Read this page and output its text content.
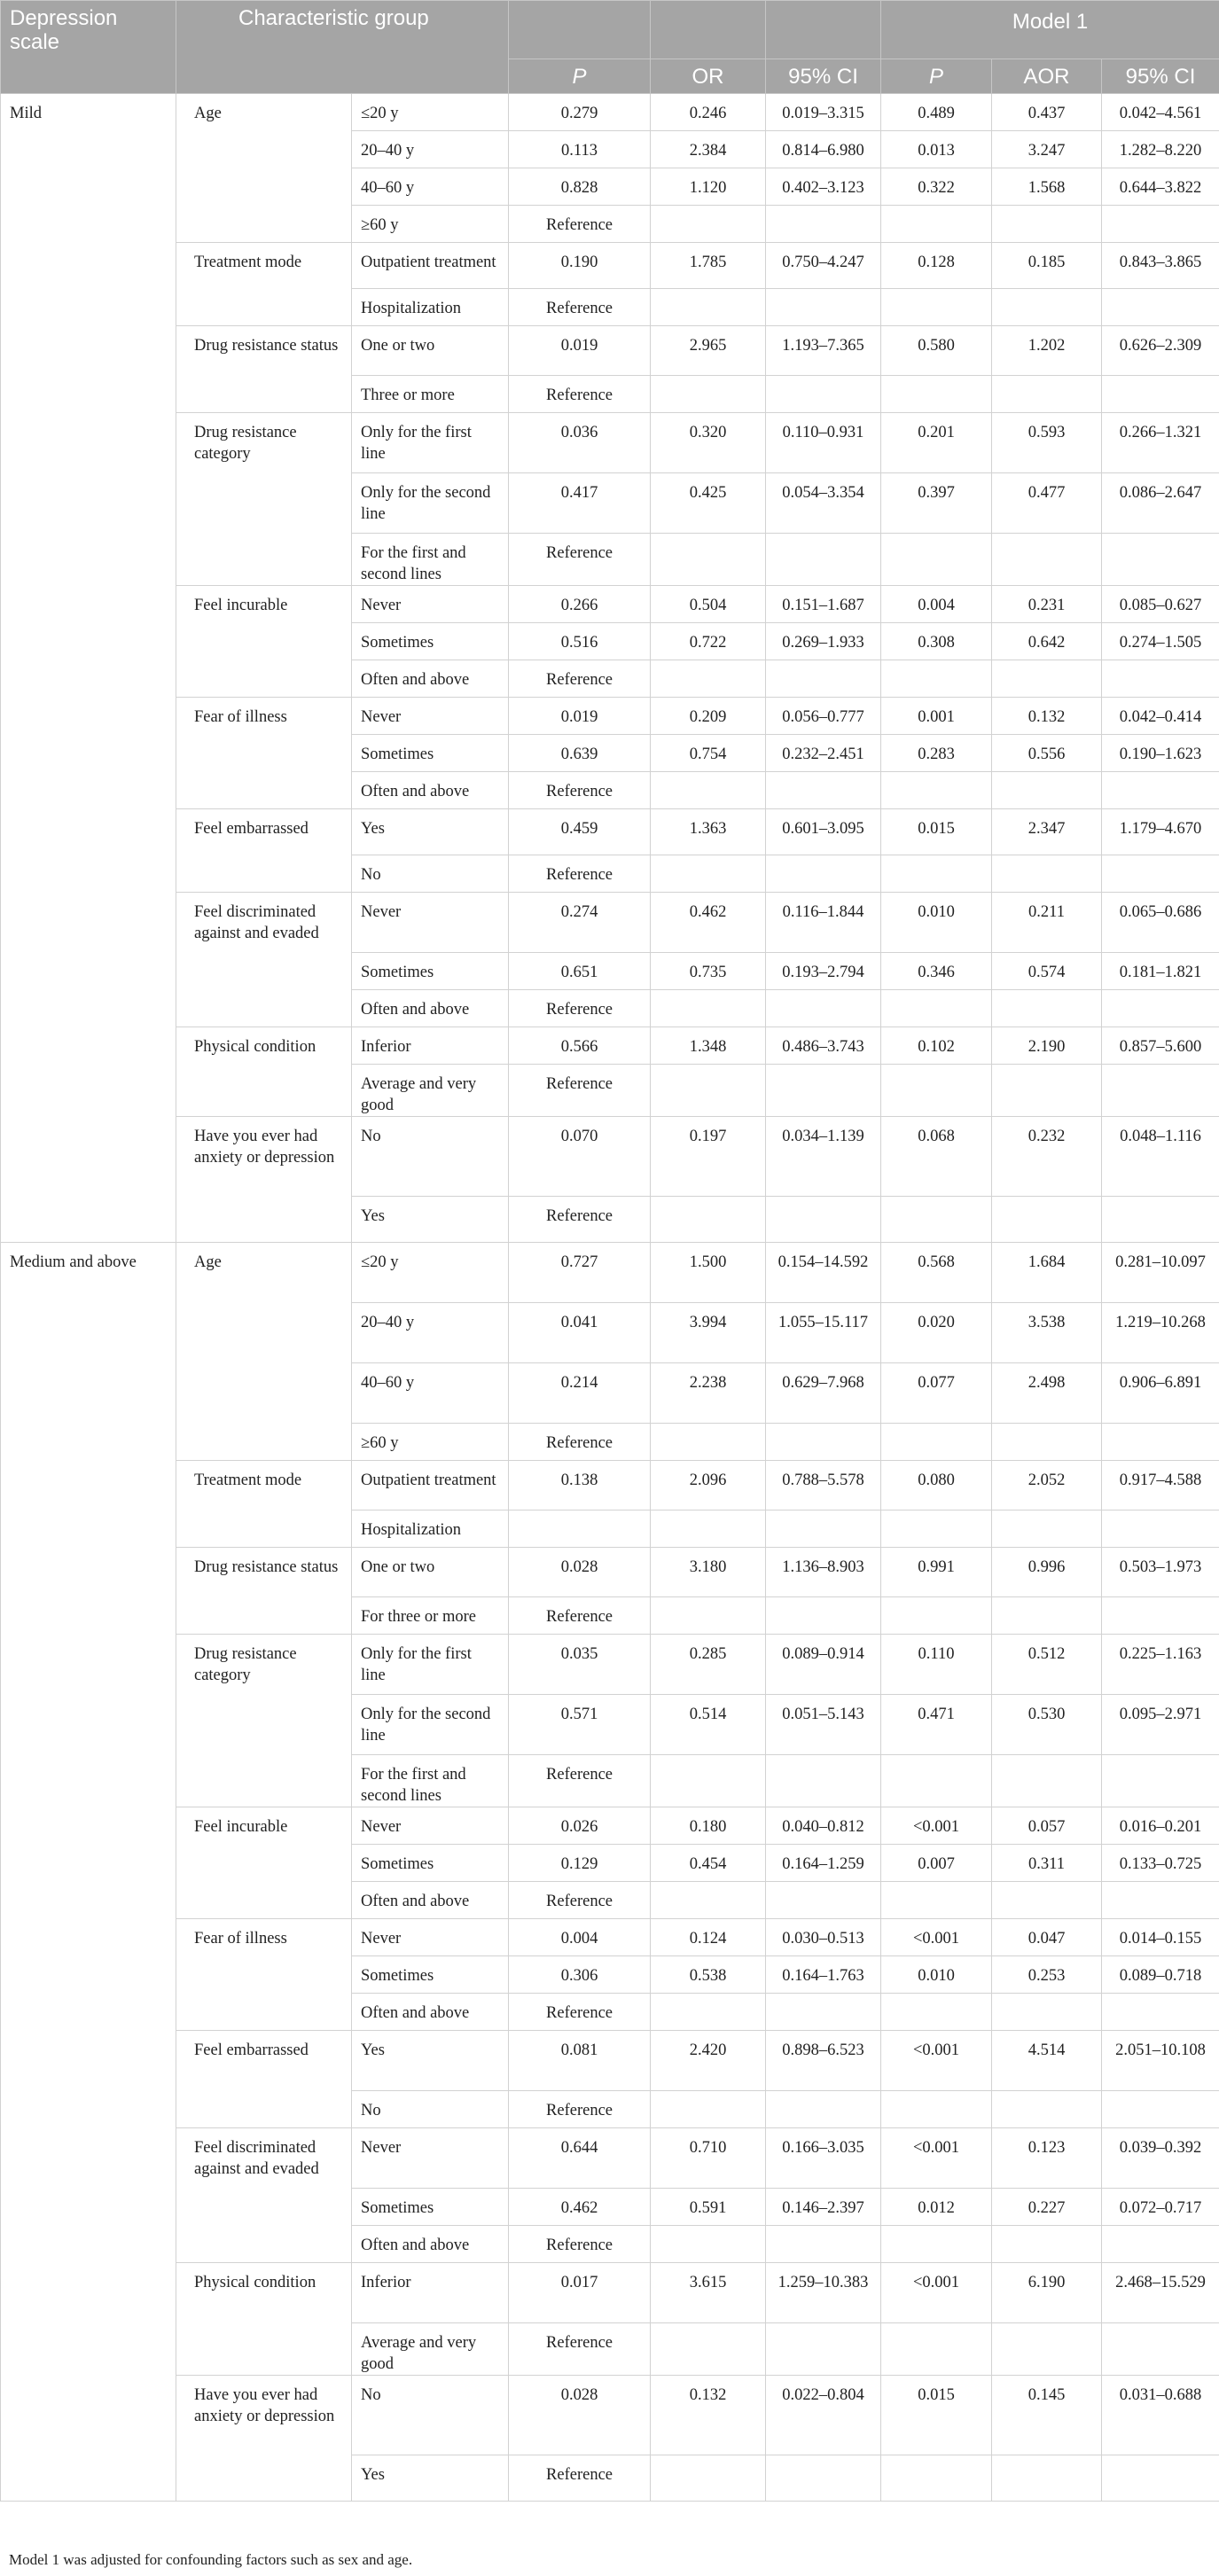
Depression scale	Characteristic group					Model 1		
			P	OR	95% CI	P	AOR	95% CI
Mild	Age	≤20 y	0.279	0.246	0.019–3.315	0.489	0.437	0.042–4.561
		20–40 y	0.113	2.384	0.814–6.980	0.013	3.247	1.282–8.220
		40–60 y	0.828	1.120	0.402–3.123	0.322	1.568	0.644–3.822
		≥60 y	Reference					
	Treatment mode	Outpatient treatment	0.190	1.785	0.750–4.247	0.128	0.185	0.843–3.865
		Hospitalization	Reference					
	Drug resistance status	One or two	0.019	2.965	1.193–7.365	0.580	1.202	0.626–2.309
		Three or more	Reference					
	Drug resistance category	Only for the first line	0.036	0.320	0.110–0.931	0.201	0.593	0.266–1.321
		Only for the second line	0.417	0.425	0.054–3.354	0.397	0.477	0.086–2.647
		For the first and second lines	Reference					
	Feel incurable	Never	0.266	0.504	0.151–1.687	0.004	0.231	0.085–0.627
		Sometimes	0.516	0.722	0.269–1.933	0.308	0.642	0.274–1.505
		Often and above	Reference					
	Fear of illness	Never	0.019	0.209	0.056–0.777	0.001	0.132	0.042–0.414
		Sometimes	0.639	0.754	0.232–2.451	0.283	0.556	0.190–1.623
		Often and above	Reference					
	Feel embarrassed	Yes	0.459	1.363	0.601–3.095	0.015	2.347	1.179–4.670
		No	Reference					
	Feel discriminated against and evaded	Never	0.274	0.462	0.116–1.844	0.010	0.211	0.065–0.686
		Sometimes	0.651	0.735	0.193–2.794	0.346	0.574	0.181–1.821
		Often and above	Reference					
	Physical condition	Inferior	0.566	1.348	0.486–3.743	0.102	2.190	0.857–5.600
		Average and very good	Reference					
	Have you ever had anxiety or depression	No	0.070	0.197	0.034–1.139	0.068	0.232	0.048–1.116
		Yes	Reference					
Medium and above	Age	≤20 y	0.727	1.500	0.154–14.592	0.568	1.684	0.281–10.097
		20–40 y	0.041	3.994	1.055–15.117	0.020	3.538	1.219–10.268
		40–60 y	0.214	2.238	0.629–7.968	0.077	2.498	0.906–6.891
		≥60 y	Reference					
	Treatment mode	Outpatient treatment	0.138	2.096	0.788–5.578	0.080	2.052	0.917–4.588
		Hospitalization						
	Drug resistance status	One or two	0.028	3.180	1.136–8.903	0.991	0.996	0.503–1.973
		For three or more	Reference					
	Drug resistance category	Only for the first line	0.035	0.285	0.089–0.914	0.110	0.512	0.225–1.163
		Only for the second line	0.571	0.514	0.051–5.143	0.471	0.530	0.095–2.971
		For the first and second lines	Reference					
	Feel incurable	Never	0.026	0.180	0.040–0.812	<0.001	0.057	0.016–0.201
		Sometimes	0.129	0.454	0.164–1.259	0.007	0.311	0.133–0.725
		Often and above	Reference					
	Fear of illness	Never	0.004	0.124	0.030–0.513	<0.001	0.047	0.014–0.155
		Sometimes	0.306	0.538	0.164–1.763	0.010	0.253	0.089–0.718
		Often and above	Reference					
	Feel embarrassed	Yes	0.081	2.420	0.898–6.523	<0.001	4.514	2.051–10.108
		No	Reference					
	Feel discriminated against and evaded	Never	0.644	0.710	0.166–3.035	<0.001	0.123	0.039–0.392
		Sometimes	0.462	0.591	0.146–2.397	0.012	0.227	0.072–0.717
		Often and above	Reference					
	Physical condition	Inferior	0.017	3.615	1.259–10.383	<0.001	6.190	2.468–15.529
		Average and very good	Reference					
	Have you ever had anxiety or depression	No	0.028	0.132	0.022–0.804	0.015	0.145	0.031–0.688
		Yes	Reference					
Model 1 was adjusted for confounding factors such as sex and age.
